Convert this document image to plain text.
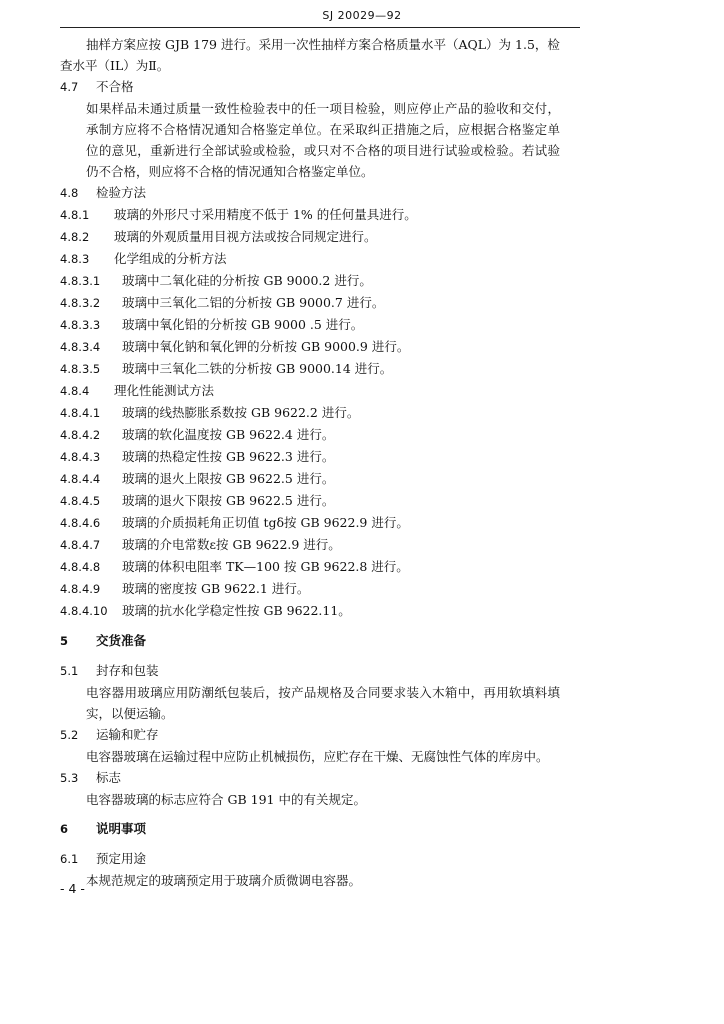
SJ 20029—92

抽样方案应按 GJB 179 进行。采用一次性抽样方案合格质量水平（AQL）为 1.5，检

查水平（IL）为Ⅱ。

4.7 不合格

如果样品未通过质量一致性检验表中的任一项目检验，则应停止产品的验收和交付，承制方应将不合格情况通知合格鉴定单位。在采取纠正措施之后，应根据合格鉴定单位的意见，重新进行全部试验或检验，或只对不合格的项目进行试验或检验。若试验仍不合格，则应将不合格的情况通知合格鉴定单位。

4.8 检验方法

4.8.1 玻璃的外形尺寸采用精度不低于 1% 的任何量具进行。

4.8.2 玻璃的外观质量用目视方法或按合同规定进行。

4.8.3 化学组成的分析方法

4.8.3.1 玻璃中二氧化硅的分析按 GB 9000.2 进行。

4.8.3.2 玻璃中三氧化二铝的分析按 GB 9000.7 进行。

4.8.3.3 玻璃中氧化铅的分析按 GB 9000 .5 进行。

4.8.3.4 玻璃中氧化钠和氧化钾的分析按 GB 9000.9 进行。

4.8.3.5 玻璃中三氧化二铁的分析按 GB 9000.14 进行。

4.8.4 理化性能测试方法

4.8.4.1 玻璃的线热膨胀系数按 GB 9622.2 进行。

4.8.4.2 玻璃的软化温度按 GB 9622.4 进行。

4.8.4.3 玻璃的热稳定性按 GB 9622.3 进行。

4.8.4.4 玻璃的退火上限按 GB 9622.5 进行。

4.8.4.5 玻璃的退火下限按 GB 9622.5 进行。

4.8.4.6 玻璃的介质损耗角正切值 tgδ按 GB 9622.9 进行。

4.8.4.7 玻璃的介电常数ε按 GB 9622.9 进行。

4.8.4.8 玻璃的体积电阻率 TK—100 按 GB 9622.8 进行。

4.8.4.9 玻璃的密度按 GB 9622.1 进行。

4.8.4.10 玻璃的抗水化学稳定性按 GB 9622.11。

5 交货准备

5.1 封存和包装

电容器用玻璃应用防潮纸包装后，按产品规格及合同要求装入木箱中，再用软填料填实，以便运输。

5.2 运输和贮存

电容器玻璃在运输过程中应防止机械损伤，应贮存在干燥、无腐蚀性气体的库房中。

5.3 标志

电容器玻璃的标志应符合 GB 191 中的有关规定。

6 说明事项

6.1 预定用途

本规范规定的玻璃预定用于玻璃介质微调电容器。

- 4 -
